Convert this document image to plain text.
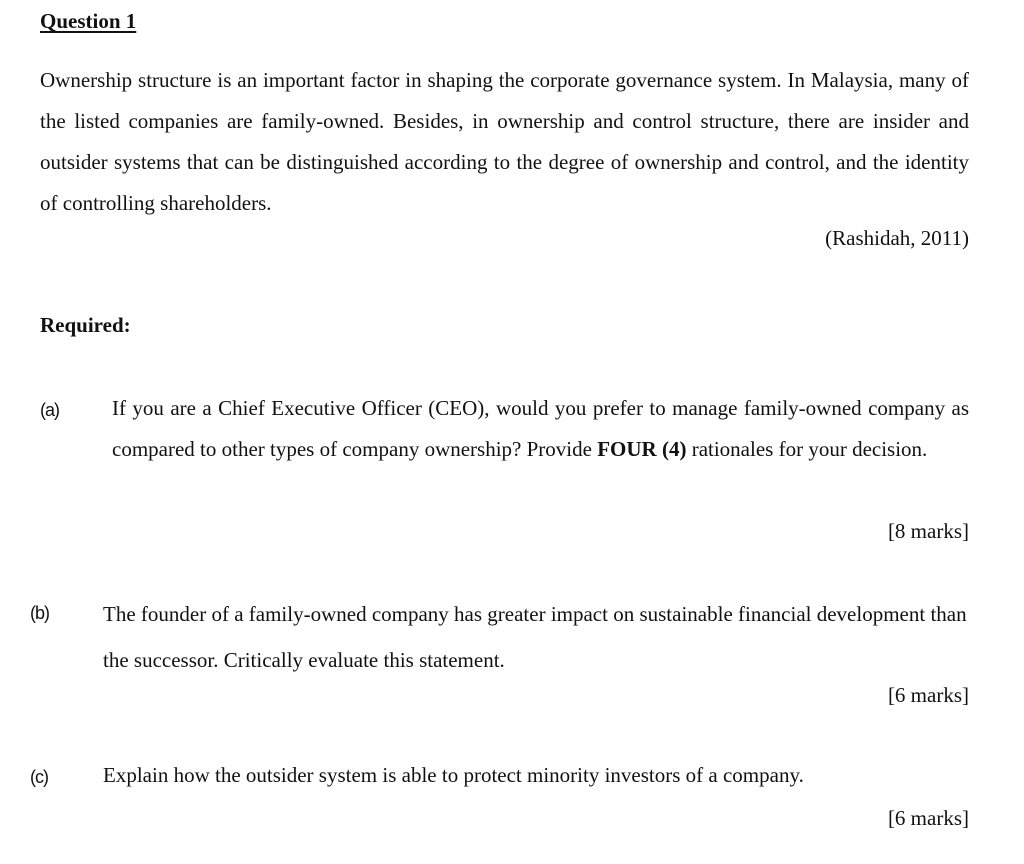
Question 1

Ownership structure is an important factor in shaping the corporate governance system. In Malaysia, many of the listed companies are family-owned. Besides, in ownership and control structure, there are insider and outsider systems that can be distinguished according to the degree of ownership and control, and the identity of controlling shareholders.

(Rashidah, 2011)
Required:
(a)	If you are a Chief Executive Officer (CEO), would you prefer to manage family-owned company as compared to other types of company ownership? Provide FOUR (4) rationales for your decision.

[8 marks]
(b)	The founder of a family-owned company has greater impact on sustainable financial development than the successor. Critically evaluate this statement.

[6 marks]
(c)	Explain how the outsider system is able to protect minority investors of a company.

[6 marks]
